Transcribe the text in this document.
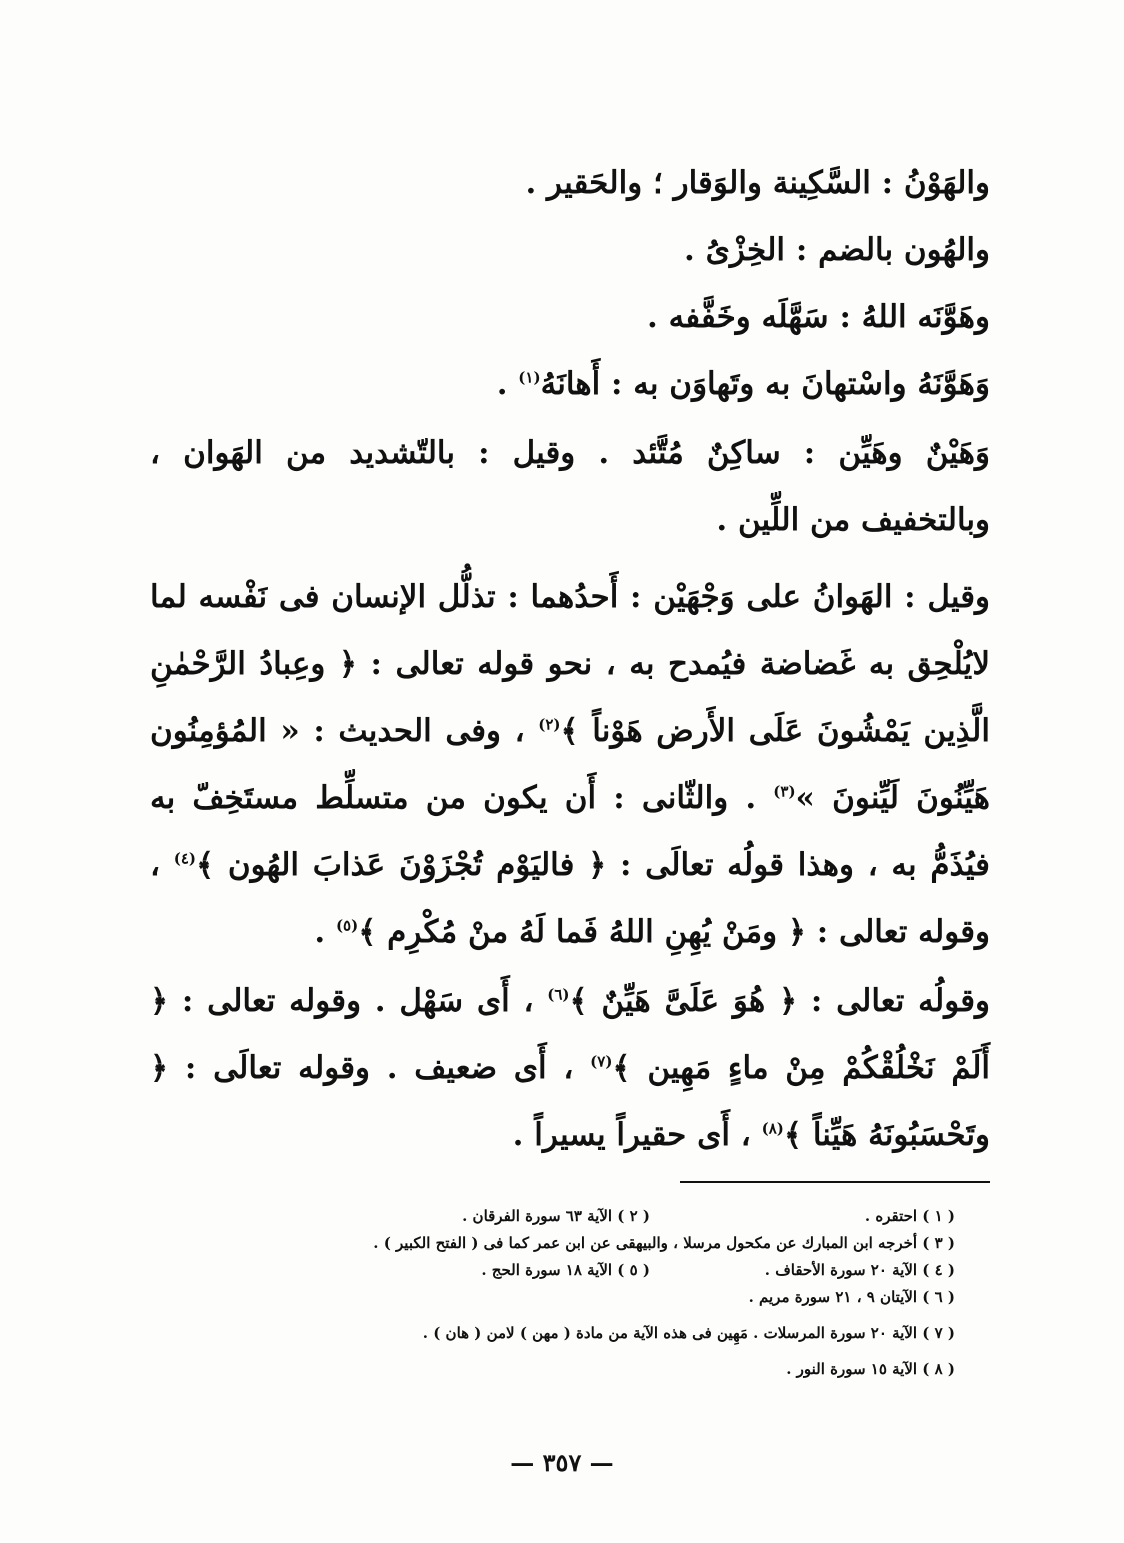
والهَوْنُ : السَّكِينة والوَقار ؛ والحَقير .

والهُون بالضم : الخِزْىُ .

وهَوَّنَه اللهُ : سَهَّلَه وخَفَّفه .

وَهَوَّنَهُ واسْتهانَ به وتَهاوَن به : أَهانَهُ$^{(١)}$ .

وَهَيْنٌ وهَيِّن : ساكِنٌ مُتَّئد . وقيل : بالتّشديد من الهَوان ، وبالتخفيف من اللِّين .

وقيل : الهَوانُ على وَجْهَيْن : أَحدُهما : تذلُّل الإنسان فى نَفْسه لما لايُلْحِق به غَضاضة فيُمدح به ، نحو قوله تعالى : ﴿ وعِبادُ الرَّحْمٰنِ الَّذِين يَمْشُونَ عَلَى الأَرض هَوْناً ﴾$^{(٢)}$ ، وفى الحديث : « المُؤمِنُون هَيِّنُونَ لَيِّنونَ »$^{(٣)}$ . والثّانى : أَن يكون من متسلِّط مستَخِفّ به فيُذَمُّ به ، وهذا قولُه تعالَى : ﴿ فاليَوْم تُجْزَوْنَ عَذابَ الهُون ﴾$^{(٤)}$ ، وقوله تعالى : ﴿ ومَنْ يُهِنِ اللهُ فَما لَهُ منْ مُكْرِم ﴾$^{(٥)}$ .

وقولُه تعالى : ﴿ هُوَ عَلَىَّ هَيِّنٌ ﴾$^{(٦)}$ ، أَى سَهْل . وقوله تعالى : ﴿ أَلَمْ نَخْلُقْكُمْ مِنْ ماءٍ مَهِين ﴾$^{(٧)}$ ، أَى ضعيف . وقوله تعالَى : ﴿ وتَحْسَبُونَهُ هَيِّناً ﴾$^{(٨)}$ ، أَى حقيراً يسيراً .

( ١ ) احتقره .
( ٢ ) الآية ٦٣ سورة الفرقان .
( ٣ ) أخرجه ابن المبارك عن مكحول مرسلا ، والبيهقى عن ابن عمر كما فى ( الفتح الكبير ) .
( ٤ ) الآية ٢٠ سورة الأحقاف .
( ٥ ) الآية ١٨ سورة الحج .
( ٦ ) الآيتان ٩ ، ٢١ سورة مريم .
( ٧ ) الآية ٢٠ سورة المرسلات . مَهِين فى هذه الآية من مادة ( مهن ) لامن ( هان ) .
( ٨ ) الآية ١٥ سورة النور .
— ٣٥٧ —
